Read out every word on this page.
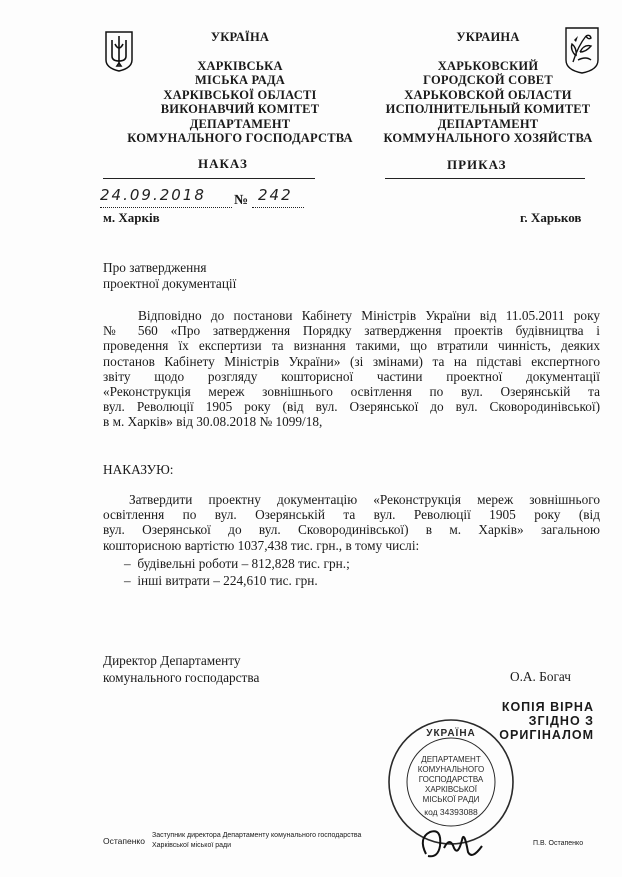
УКРАЇНА
ХАРКІВСЬКА
МІСЬКА РАДА
ХАРКІВСЬКОЇ ОБЛАСТІ
ВИКОНАВЧИЙ КОМІТЕТ
ДЕПАРТАМЕНТ
КОМУНАЛЬНОГО ГОСПОДАРСТВА
УКРАИНА
ХАРЬКОВСКИЙ
ГОРОДСКОЙ СОВЕТ
ХАРЬКОВСКОЙ ОБЛАСТИ
ИСПОЛНИТЕЛЬНЫЙ КОМИТЕТ
ДЕПАРТАМЕНТ
КОММУНАЛЬНОГО ХОЗЯЙСТВА
НАКАЗ	ПРИКАЗ
24.09.2018 № 242
м. Харків	г. Харьков
Про затвердження
проектної документації
Відповідно до постанови Кабінету Міністрів України від 11.05.2011 року
№ 560 «Про затвердження Порядку затвердження проектів будівництва і
проведення їх експертизи та визнання такими, що втратили чинність, деяких
постанов Кабінету Міністрів України» (зі змінами) та на підставі експертного
звіту щодо розгляду кошторисної частини проектної документації
«Реконструкція мереж зовнішнього освітлення по вул. Озерянській та
вул. Революції 1905 року (від вул. Озерянської до вул. Сковородинівської)
в м. Харків» від 30.08.2018 № 1099/18,
НАКАЗУЮ:
Затвердити проектну документацію «Реконструкція мереж зовнішнього
освітлення по вул. Озерянській та вул. Революції 1905 року (від
вул. Озерянської до вул. Сковородинівської) в м. Харків» загальною
кошторисною вартістю 1037,438 тис. грн., в тому числі:
– будівельні роботи – 812,828 тис. грн.;
– інші витрати – 224,610 тис. грн.
Директор Департаменту
комунального господарства	О.А. Богач
КОПІЯ ВІРНА
ЗГІДНО З
ОРИГІНАЛОМ
УКРАЇНА
ДЕПАРТАМЕНТ
КОМУНАЛЬНОГО
ГОСПОДАРСТВА
ХАРКІВСЬКОЇ
МІСЬКОЇ РАДИ
код 34393088
Остапенко
Заступник директора Департаменту комунального господарства
Харківської міської ради	П.В. Остапенко
